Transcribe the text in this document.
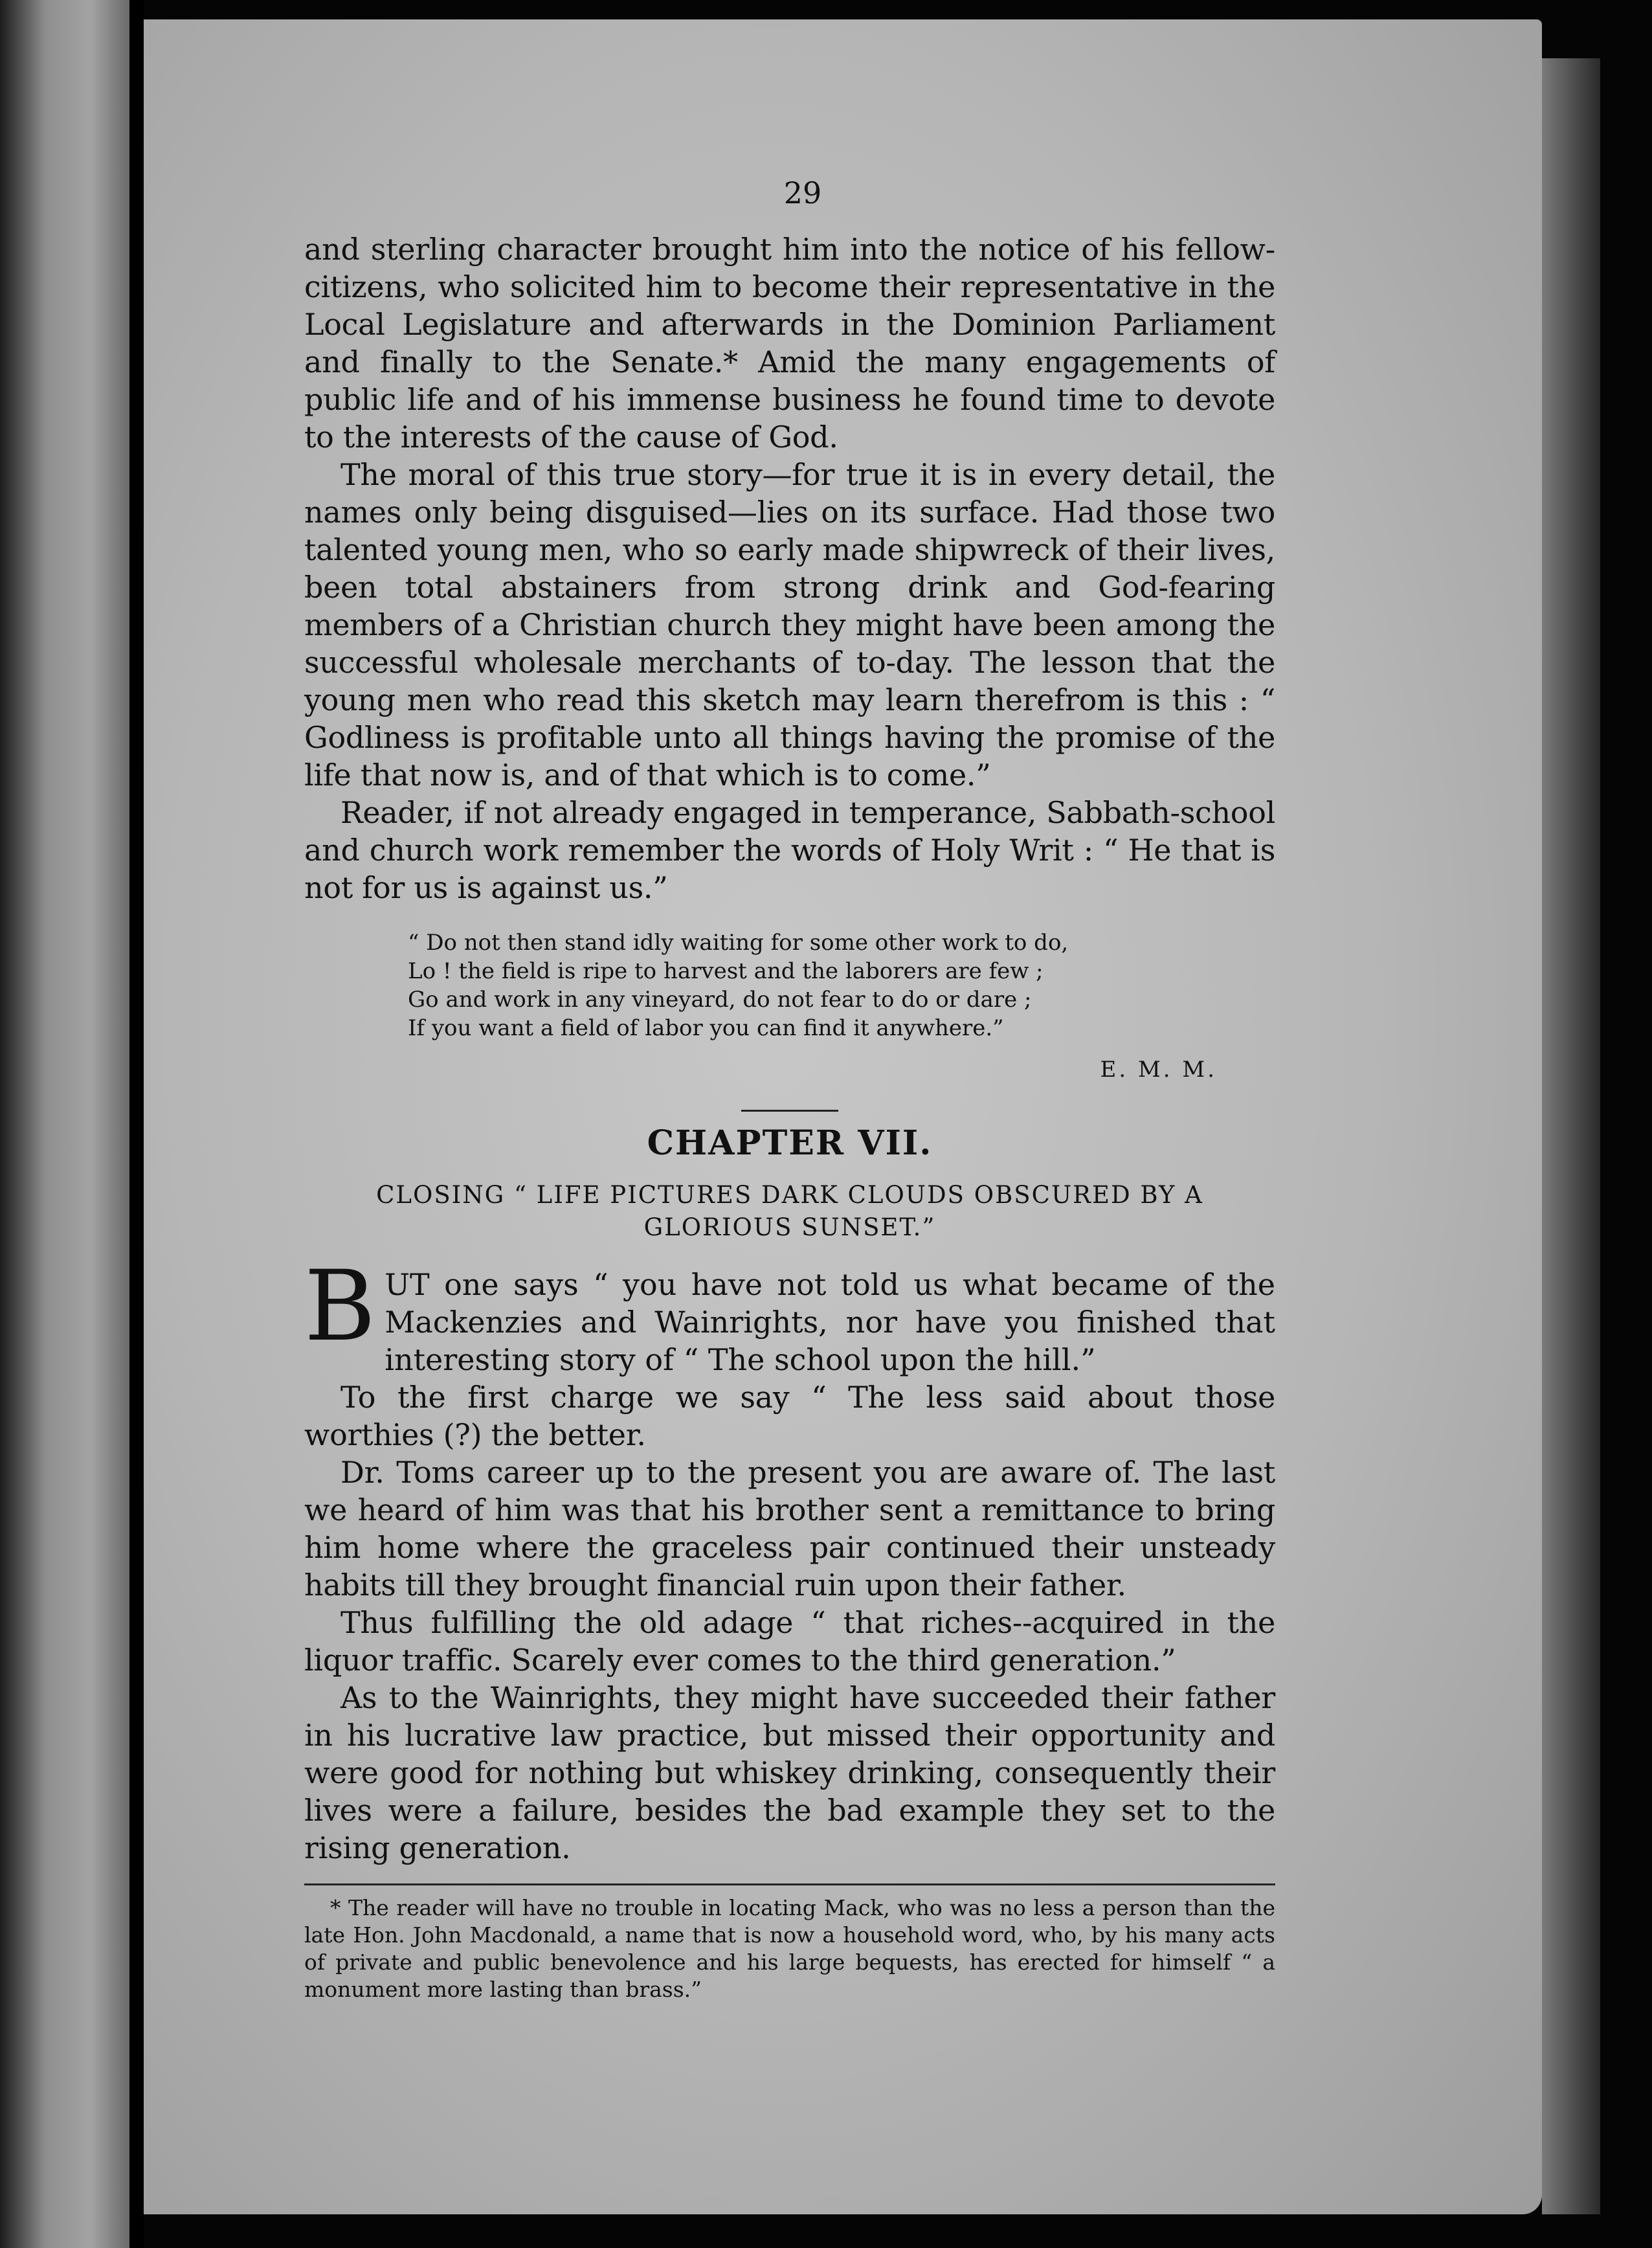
29

and sterling character brought him into the notice of his fellow-citizens, who solicited him to become their representative in the Local Legislature and afterwards in the Dominion Parliament and finally to the Senate.* Amid the many engagements of public life and of his immense business he found time to devote to the interests of the cause of God.

The moral of this true story—for true it is in every detail, the names only being disguised—lies on its surface. Had those two talented young men, who so early made shipwreck of their lives, been total abstainers from strong drink and God-fearing members of a Christian church they might have been among the successful wholesale merchants of to-day. The lesson that the young men who read this sketch may learn therefrom is this : “ Godliness is profitable unto all things having the promise of the life that now is, and of that which is to come.”

Reader, if not already engaged in temperance, Sabbath-school and church work remember the words of Holy Writ : “ He that is not for us is against us.”

“ Do not then stand idly waiting for some other work to do,
Lo ! the field is ripe to harvest and the laborers are few ;
Go and work in any vineyard, do not fear to do or dare ;
If you want a field of labor you can find it anywhere.”
E. M. M.
CHAPTER VII.
CLOSING “ LIFE PICTURES DARK CLOUDS OBSCURED BY A GLORIOUS SUNSET.”

B UT one says “ you have not told us what became of the Mackenzies and Wainrights, nor have you finished that interesting story of “ The school upon the hill.”

To the first charge we say “ The less said about those worthies (?) the better.

Dr. Toms career up to the present you are aware of. The last we heard of him was that his brother sent a remittance to bring him home where the graceless pair continued their unsteady habits till they brought financial ruin upon their father.

Thus fulfilling the old adage “ that riches--acquired in the liquor traffic. Scarely ever comes to the third generation.”

As to the Wainrights, they might have succeeded their father in his lucrative law practice, but missed their opportunity and were good for nothing but whiskey drinking, consequently their lives were a failure, besides the bad example they set to the rising generation.

* The reader will have no trouble in locating Mack, who was no less a person than the late Hon. John Macdonald, a name that is now a household word, who, by his many acts of private and public benevolence and his large bequests, has erected for himself “ a monument more lasting than brass.”
